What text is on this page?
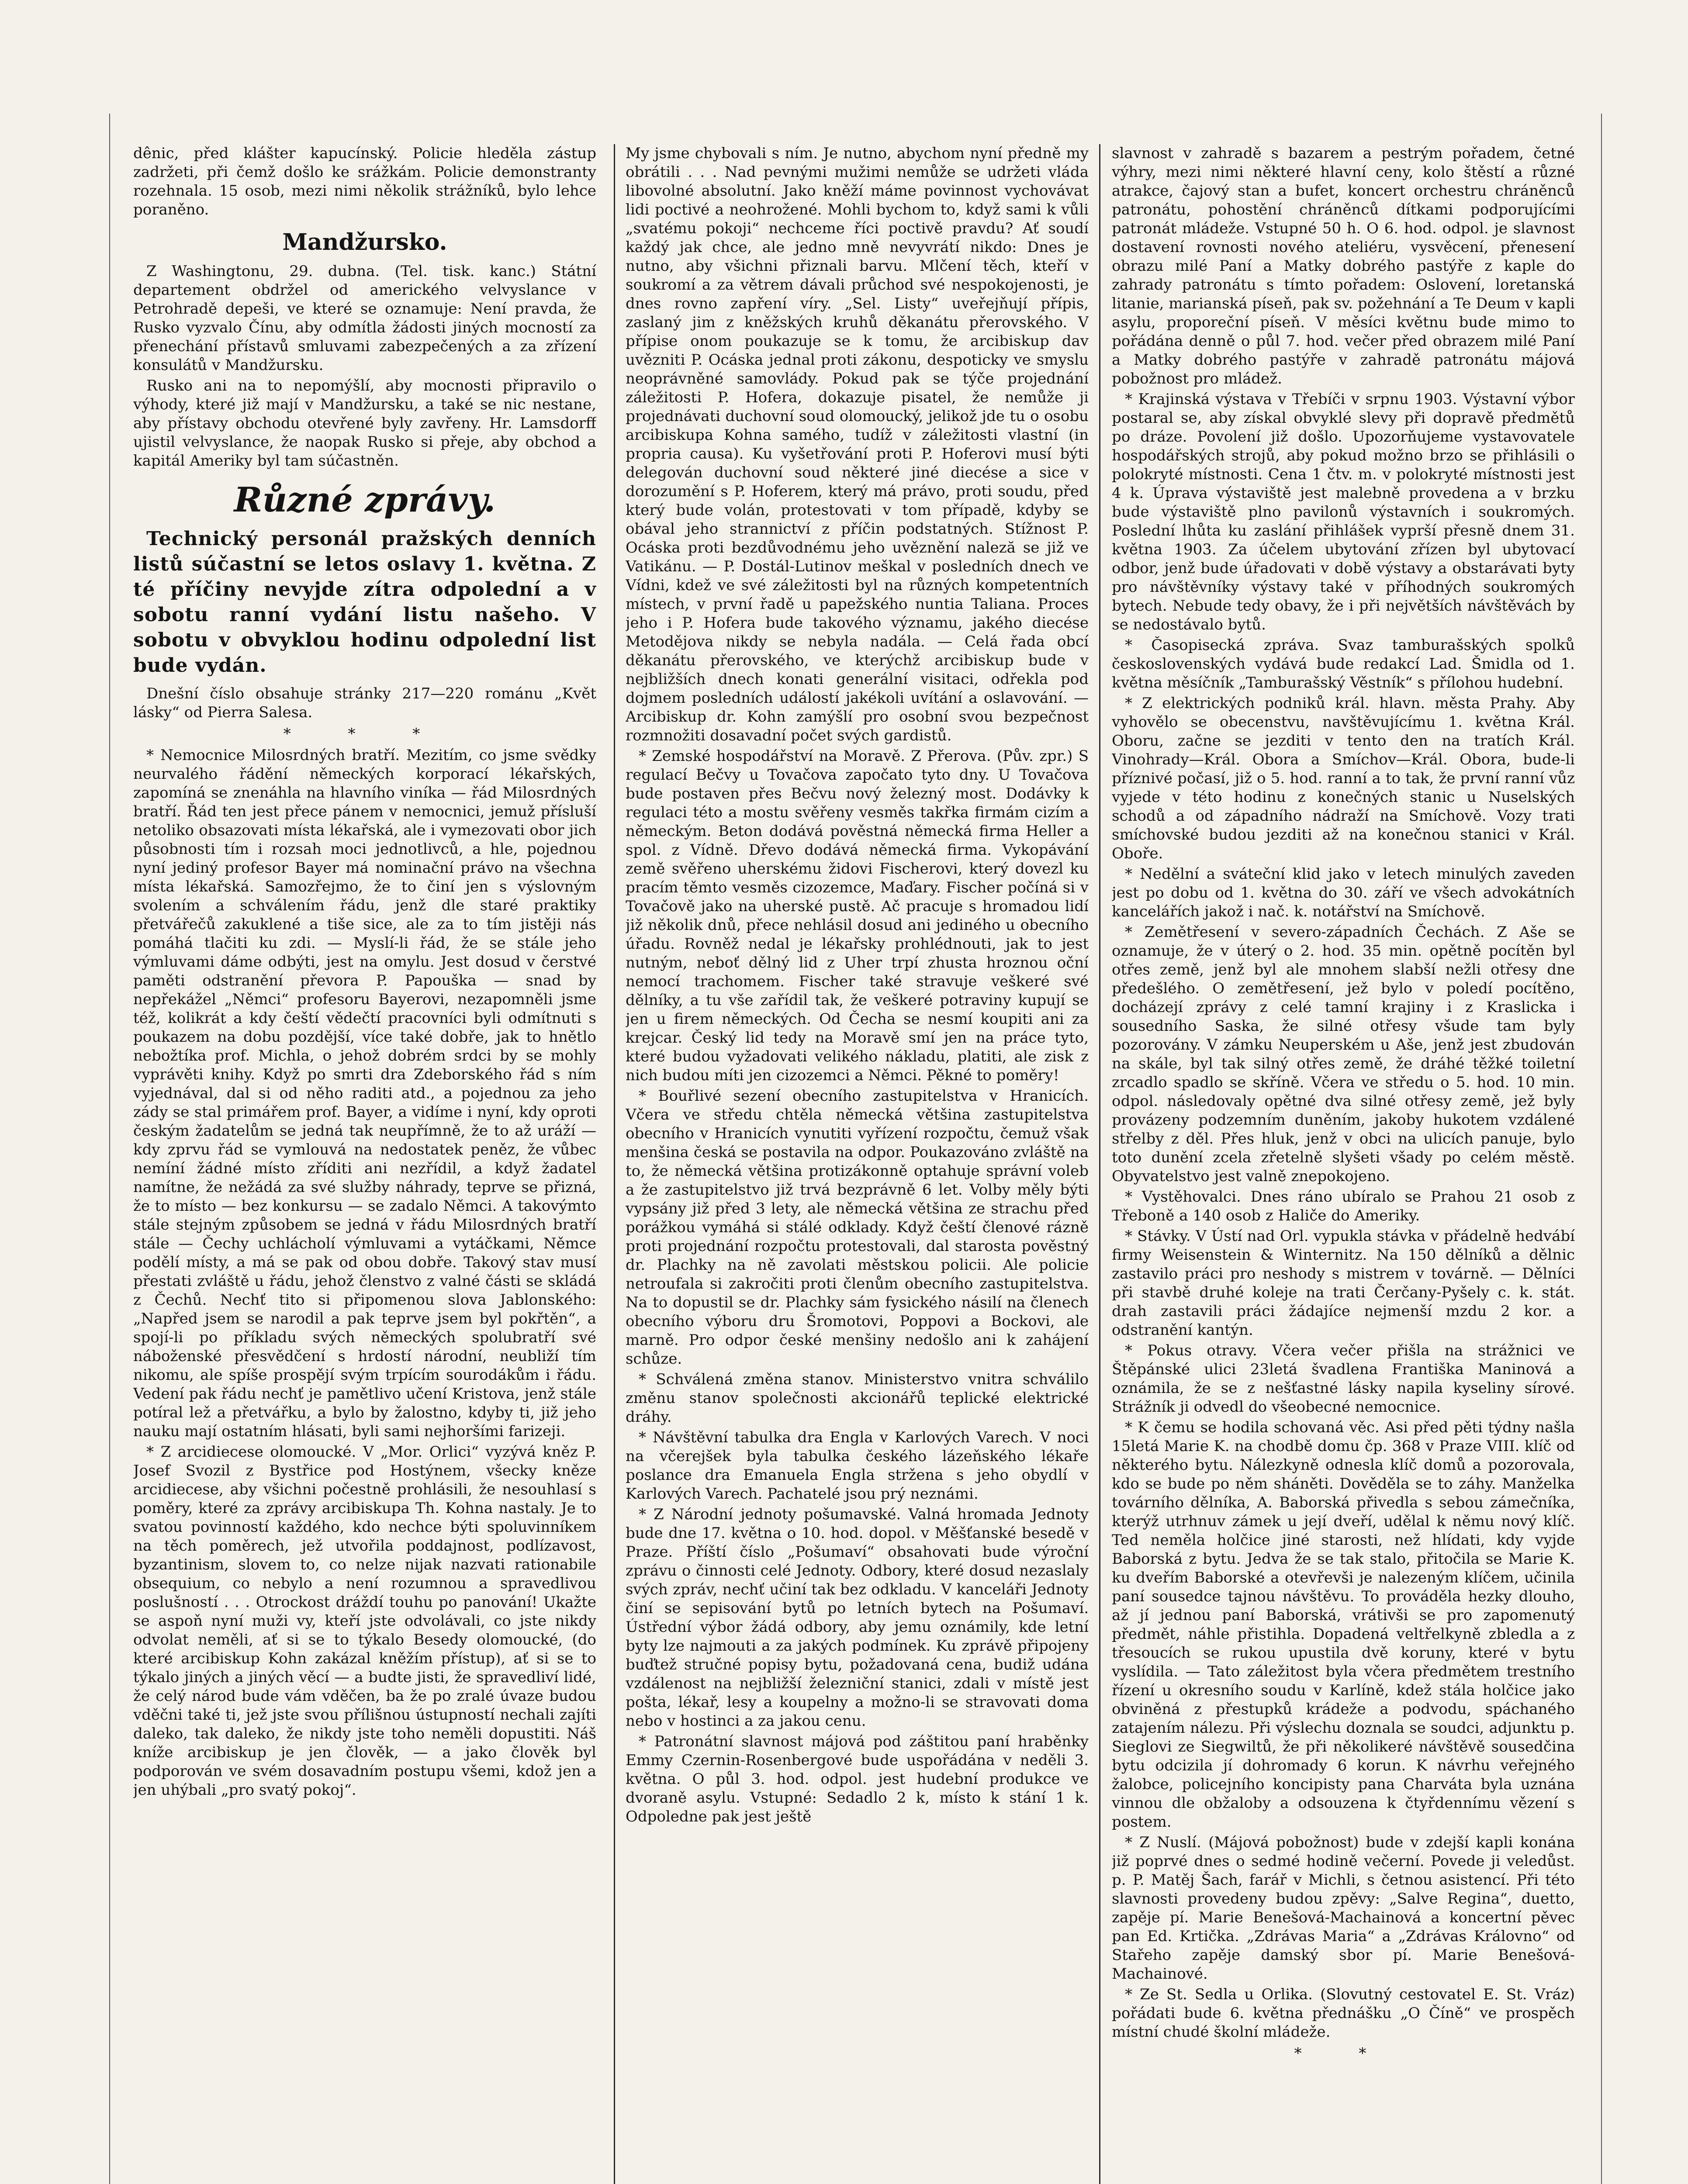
dênic, před klášter kapucínský. Policie hleděla zástup zadržeti, při čemž došlo ke srážkám. Policie demonstranty rozehnala. 15 osob, mezi nimi několik strážníků, bylo lehce poraněno.

Mandžursko.

Z Washingtonu, 29. dubna. (Tel. tisk. kanc.) Státní departement obdržel od amerického velvyslance v Petrohradě depeši, ve které se oznamuje: Není pravda, že Rusko vyzvalo Čínu, aby odmítla žádosti jiných mocností za přenechání přístavů smluvami zabezpečených a za zřízení konsulátů v Mandžursku.

Rusko ani na to nepomýšlí, aby mocnosti připravilo o výhody, které již mají v Mandžursku, a také se nic nestane, aby přístavy obchodu otevřené byly zavřeny. Hr. Lamsdorff ujistil velvyslance, že naopak Rusko si přeje, aby obchod a kapitál Ameriky byl tam súčastněn.

Různé zprávy.

Technický personál pražských denních listů súčastní se letos oslavy 1. května. Z té příčiny nevyjde zítra odpolední a v sobotu ranní vydání listu našeho. V sobotu v obvyklou hodinu odpolední list bude vydán.

Dnešní číslo obsahuje stránky 217—220 románu „Květ lásky“ od Pierra Salesa.

* * *

* Nemocnice Milosrdných bratří. Mezitím, co jsme svědky neurvalého řádění německých korporací lékařských, zapomíná se znenáhla na hlavního viníka — řád Milosrdných bratří. Řád ten jest přece pánem v nemocnici, jemuž přísluší netoliko obsazovati místa lékařská, ale i vymezovati obor jich působnosti tím i rozsah moci jednotlivců, a hle, pojednou nyní jediný profesor Bayer má nominační právo na všechna místa lékařská. Samozřejmo, že to činí jen s výslovným svolením a schválením řádu, jenž dle staré praktiky přetvářečů zakuklené a tiše sice, ale za to tím jistěji nás pomáhá tlačiti ku zdi. — Myslí-li řád, že se stále jeho výmluvami dáme odbýti, jest na omylu. Jest dosud v čerstvé paměti odstranění převora P. Papouška — snad by nepřekážel „Němci“ profesoru Bayerovi, nezapomněli jsme též, kolikrát a kdy čeští vědečtí pracovníci byli odmítnuti s poukazem na dobu pozdější, více také dobře, jak to hnětlo nebožtíka prof. Michla, o jehož dobrém srdci by se mohly vyprávěti knihy. Když po smrti dra Zdeborského řád s ním vyjednával, dal si od něho raditi atd., a pojednou za jeho zády se stal primářem prof. Bayer, a vidíme i nyní, kdy oproti českým žadatelům se jedná tak neupřímně, že to až uráží — kdy zprvu řád se vymlouvá na nedostatek peněz, že vůbec nemíní žádné místo zříditi ani nezřídil, a když žadatel namítne, že nežádá za své služby náhrady, teprve se přizná, že to místo — bez konkursu — se zadalo Němci. A takovýmto stále stejným způsobem se jedná v řádu Milosrdných bratří stále — Čechy uchlácholí výmluvami a vytáčkami, Němce podělí místy, a má se pak od obou dobře. Takový stav musí přestati zvláště u řádu, jehož členstvo z valné části se skládá z Čechů. Nechť tito si připomenou slova Jablonského: „Napřed jsem se narodil a pak teprve jsem byl pokřtěn“, a spojí-li po příkladu svých německých spolubratří své náboženské přesvědčení s hrdostí národní, neubliží tím nikomu, ale spíše prospějí svým trpícím sourodákům i řádu. Vedení pak řádu nechť je pamětlivo učení Kristova, jenž stále potíral lež a přetvářku, a bylo by žalostno, kdyby ti, již jeho nauku mají ostatním hlásati, byli sami nejhoršími farizeji.

* Z arcidiecese olomoucké. V „Mor. Orlici“ vyzývá kněz P. Josef Svozil z Bystřice pod Hostýnem, všecky kněze arcidiecese, aby všichni počestně prohlásili, že nesouhlasí s poměry, které za zprávy arcibiskupa Th. Kohna nastaly. Je to svatou povinností každého, kdo nechce býti spoluvinníkem na těch poměrech, jež utvořila poddajnost, podlízavost, byzantinism, slovem to, co nelze nijak nazvati rationabile obsequium, co nebylo a není rozumnou a spravedlivou poslušností . . . Otrockost dráždí touhu po panování! Ukažte se aspoň nyní muži vy, kteří jste odvolávali, co jste nikdy odvolat neměli, ať si se to týkalo Besedy olomoucké, (do které arcibiskup Kohn zakázal kněžím přístup), ať si se to týkalo jiných a jiných věcí — a budte jisti, že spravedliví lidé, že celý národ bude vám vděčen, ba že po zralé úvaze budou vděčni také ti, jež jste svou přílišnou ústupností nechali zajíti daleko, tak daleko, že nikdy jste toho neměli dopustiti. Náš kníže arcibiskup je jen člověk, — a jako člověk byl podporován ve svém dosavadním postupu všemi, kdož jen a jen uhýbali „pro svatý pokoj“.

My jsme chybovali s ním. Je nutno, abychom nyní předně my obrátili . . . Nad pevnými mužimi nemůže se udržeti vláda libovolné absolutní. Jako kněží máme povinnost vychovávat lidi poctivé a neohrožené. Mohli bychom to, když sami k vůli „svatému pokoji“ nechceme říci poctivě pravdu? Ať soudí každý jak chce, ale jedno mně nevyvrátí nikdo: Dnes je nutno, aby všichni přiznali barvu. Mlčení těch, kteří v soukromí a za větrem dávali průchod své nespokojenosti, je dnes rovno zapření víry. „Sel. Listy“ uveřejňují přípis, zaslaný jim z kněžských kruhů děkanátu přerovského. V přípise onom poukazuje se k tomu, že arcibiskup dav uvězniti P. Ocáska jednal proti zákonu, despoticky ve smyslu neoprávněné samovlády. Pokud pak se týče projednání záležitosti P. Hofera, dokazuje pisatel, že nemůže ji projednávati duchovní soud olomoucký, jelikož jde tu o osobu arcibiskupa Kohna samého, tudíž v záležitosti vlastní (in propria causa). Ku vyšetřování proti P. Hoferovi musí býti delegován duchovní soud některé jiné diecése a sice v dorozumění s P. Hoferem, který má právo, proti soudu, před který bude volán, protestovati v tom případě, kdyby se obával jeho strannictví z příčin podstatných. Stížnost P. Ocáska proti bezdůvodnému jeho uvěznění naleză se již ve Vatikánu. — P. Dostál-Lutinov meškal v posledních dnech ve Vídni, kdež ve své záležitosti byl na různých kompetentních místech, v první řadě u papežského nuntia Taliana. Proces jeho i P. Hofera bude takového významu, jakého diecése Metodějova nikdy se nebyla nadála. — Celá řada obcí děkanátu přerovského, ve kterýchž arcibiskup bude v nejbližších dnech konati generální visitaci, odřekla pod dojmem posledních událostí jakékoli uvítání a oslavování. — Arcibiskup dr. Kohn zamýšlí pro osobní svou bezpečnost rozmnožiti dosavadní počet svých gardistů.

* Zemské hospodářství na Moravě. Z Přerova. (Pův. zpr.) S regulací Bečvy u Tovačova započato tyto dny. U Tovačova bude postaven přes Bečvu nový železný most. Dodávky k regulaci této a mostu svěřeny vesměs takřka firmám cizím a německým. Beton dodává pověstná německá firma Heller a spol. z Vídně. Dřevo dodává německá firma. Vykopávání země svěřeno uherskému židovi Fischerovi, který dovezl ku pracím těmto vesměs cizozemce, Maďary. Fischer počíná si v Tovačově jako na uherské pustě. Ač pracuje s hromadou lidí již několik dnů, přece nehlásil dosud ani jediného u obecního úřadu. Rovněž nedal je lékařsky prohlédnouti, jak to jest nutným, neboť dělný lid z Uher trpí zhusta hroznou oční nemocí trachomem. Fischer také stravuje veškeré své dělníky, a tu vše zařídil tak, že veškeré potraviny kupují se jen u firem německých. Od Čecha se nesmí koupiti ani za krejcar. Český lid tedy na Moravě smí jen na práce tyto, které budou vyžadovati velikého nákladu, platiti, ale zisk z nich budou míti jen cizozemci a Němci. Pěkné to poměry!

* Bouřlivé sezení obecního zastupitelstva v Hranicích. Včera ve středu chtěla německá většina zastupitelstva obecního v Hranicích vynutiti vyřízení rozpočtu, čemuž však menšina česká se postavila na odpor. Poukazováno zvláště na to, že německá většina protizákonně optahuje správní voleb a že zastupitelstvo již trvá bezprávně 6 let. Volby měly býti vypsány již před 3 lety, ale německá většina ze strachu před porážkou vymáhá si stálé odklady. Když čeští členové rázně proti projednání rozpočtu protestovali, dal starosta pověstný dr. Plachky na ně zavolati městskou policii. Ale policie netroufala si zakročiti proti členům obecního zastupitelstva. Na to dopustil se dr. Plachky sám fysického násilí na členech obecního výboru dru Šromotovi, Poppovi a Bockovi, ale marně. Pro odpor české menšiny nedošlo ani k zahájení schůze.

* Schválená změna stanov. Ministerstvo vnitra schválilo změnu stanov společnosti akcionářů teplické elektrické dráhy.

* Návštěvní tabulka dra Engla v Karlových Varech. V noci na včerejšek byla tabulka českého lázeňského lékaře poslance dra Emanuela Engla stržena s jeho obydlí v Karlových Varech. Pachatelé jsou prý neznámi.

* Z Národní jednoty pošumavské. Valná hromada Jednoty bude dne 17. května o 10. hod. dopol. v Měšťanské besedě v Praze. Příští číslo „Pošumaví“ obsahovati bude výroční zprávu o činnosti celé Jednoty. Odbory, které dosud nezaslaly svých zpráv, nechť učiní tak bez odkladu. V kanceláři Jednoty činí se sepisování bytů po letních bytech na Pošumaví. Ústřední výbor žádá odbory, aby jemu oznámily, kde letní byty lze najmouti a za jakých podmínek. Ku zprávě připojeny buďtež stručné popisy bytu, požadovaná cena, budiž udána vzdálenost na nejbližší železniční stanici, zdali v místě jest pošta, lékař, lesy a koupelny a možno-li se stravovati doma nebo v hostinci a za jakou cenu.

* Patronátní slavnost májová pod záštitou paní hraběnky Emmy Czernin-Rosenbergové bude uspořádána v neděli 3. května. O půl 3. hod. odpol. jest hudební produkce ve dvoraně asylu. Vstupné: Sedadlo 2 k, místo k stání 1 k. Odpoledne pak jest ještě

slavnost v zahradě s bazarem a pestrým pořadem, četné výhry, mezi nimi některé hlavní ceny, kolo štěstí a různé atrakce, čajový stan a bufet, koncert orchestru chráněnců patronátu, pohostění chráněnců dítkami podporujícími patronát mládeže. Vstupné 50 h. O 6. hod. odpol. je slavnost dostavení rovnosti nového ateliéru, vysvěcení, přenesení obrazu milé Paní a Matky dobrého pastýře z kaple do zahrady patronátu s tímto pořadem: Oslovení, loretanská litanie, marianská píseň, pak sv. požehnání a Te Deum v kapli asylu, proporeční píseň. V měsíci květnu bude mimo to pořádána denně o půl 7. hod. večer před obrazem milé Paní a Matky dobrého pastýře v zahradě patronátu májová pobožnost pro mládež.

* Krajinská výstava v Třebíči v srpnu 1903. Výstavní výbor postaral se, aby získal obvyklé slevy při dopravě předmětů po dráze. Povolení již došlo. Upozorňujeme vystavovatele hospodářských strojů, aby pokud možno brzo se přihlásili o polokryté místnosti. Cena 1 čtv. m. v polokryté místnosti jest 4 k. Úprava výstaviště jest malebně provedena a v brzku bude výstaviště plno pavilonů výstavních i soukromých. Poslední lhůta ku zaslání přihlášek vyprší přesně dnem 31. května 1903. Za účelem ubytování zřízen byl ubytovací odbor, jenž bude úřadovati v době výstavy a obstarávati byty pro návštěvníky výstavy také v příhodných soukromých bytech. Nebude tedy obavy, že i při největších návštěvách by se nedostávalo bytů.

* Časopisecká zpráva. Svaz tamburašských spolků československých vydává bude redakcí Lad. Šmidla od 1. května měsíčník „Tamburašský Věstník“ s přílohou hudební.

* Z elektrických podniků král. hlavn. města Prahy. Aby vyhovělo se obecenstvu, navštěvujícímu 1. května Král. Oboru, začne se jezditi v tento den na tratích Král. Vinohrady—Král. Obora a Smíchov—Král. Obora, bude-li příznivé počasí, již o 5. hod. ranní a to tak, že první ranní vůz vyjede v této hodinu z konečných stanic u Nuselských schodů a od západního nádraží na Smíchově. Vozy trati smíchovské budou jezditi až na konečnou stanici v Král. Oboře.

* Nedělní a sváteční klid jako v letech minulých zaveden jest po dobu od 1. května do 30. září ve všech advokátních kancelářích jakož i nač. k. notářství na Smíchově.

* Zemětřesení v severo-západních Čechách. Z Aše se oznamuje, že v úterý o 2. hod. 35 min. opětně pocítěn byl otřes země, jenž byl ale mnohem slabší nežli otřesy dne předešlého. O zemětřesení, jež bylo v poledí pocítěno, docházejí zprávy z celé tamní krajiny i z Kraslicka i sousedního Saska, že silné otřesy všude tam byly pozorovány. V zámku Neuperském u Aše, jenž jest zbudován na skále, byl tak silný otřes země, že dráhé těžké toiletní zrcadlo spadlo se skříně. Včera ve středu o 5. hod. 10 min. odpol. následovaly opětné dva silné otřesy země, jež byly provázeny podzemním duněním, jakoby hukotem vzdálené střelby z děl. Přes hluk, jenž v obci na ulicích panuje, bylo toto dunění zcela zřetelně slyšeti všady po celém městě. Obyvatelstvo jest valně znepokojeno.

* Vystěhovalci. Dnes ráno ubíralo se Prahou 21 osob z Třeboně a 140 osob z Haliče do Ameriky.

* Stávky. V Ústí nad Orl. vypukla stávka v přádelně hedvábí firmy Weisenstein & Winternitz. Na 150 dělníků a dělnic zastavilo práci pro neshody s mistrem v továrně. — Dělníci při stavbě druhé koleje na trati Čerčany-Pyšely c. k. stát. drah zastavili práci žádajíce nejmenší mzdu 2 kor. a odstranění kantýn.

* Pokus otravy. Včera večer přišla na strážnici ve Štěpánské ulici 23letá švadlena Františka Maninová a oznámila, že se z nešťastné lásky napila kyseliny sírové. Strážník ji odvedl do všeobecné nemocnice.

* K čemu se hodila schovaná věc. Asi před pěti týdny našla 15letá Marie K. na chodbě domu čp. 368 v Praze VIII. klíč od některého bytu. Nálezkyně odnesla klíč domů a pozorovala, kdo se bude po něm sháněti. Dověděla se to záhy. Manželka továrního dělníka, A. Baborská přivedla s sebou zámečníka, kterýž utrhnuv zámek u její dveří, udělal k němu nový klíč. Ted neměla holčice jiné starosti, než hlídati, kdy vyjde Baborská z bytu. Jedva že se tak stalo, přitočila se Marie K. ku dveřím Baborské a otevřevši je nalezeným klíčem, učinila paní sousedce tajnou návštěvu. To prováděla hezky dlouho, až jí jednou paní Baborská, vrátivši se pro zapomenutý předmět, náhle přistihla. Dopadená veltřelkyně zbledla a z třesoucích se rukou upustila dvě koruny, které v bytu vyslídila. — Tato záležitost byla včera předmětem trestního řízení u okresního soudu v Karlíně, kdež stála holčice jako obviněná z přestupků krádeže a podvodu, spáchaného zatajením nálezu. Při výslechu doznala se soudci, adjunktu p. Sieglovi ze Siegwiltů, že při několikeré návštěvě sousedčina bytu odcizila jí dohromady 6 korun. K návrhu veřejného žalobce, policejního koncipisty pana Charváta byla uznána vinnou dle obžaloby a odsouzena k čtyřdennímu vězení s postem.

* Z Nuslí. (Májová pobožnost) bude v zdejší kapli konána již poprvé dnes o sedmé hodině večerní. Povede ji veledůst. p. P. Matěj Šach, farář v Michli, s četnou asistencí. Při této slavnosti provedeny budou zpěvy: „Salve Regina“, duetto, zapěje pí. Marie Benešová-Machainová a koncertní pěvec pan Ed. Krtička. „Zdrávas Maria“ a „Zdrávas Královno“ od Stařeho zapěje damský sbor pí. Marie Benešová-Machainové.

* Ze St. Sedla u Orlika. (Slovutný cestovatel E. St. Vráz) pořádati bude 6. května přednášku „O Číně“ ve prospěch místní chudé školní mládeže.

* *
